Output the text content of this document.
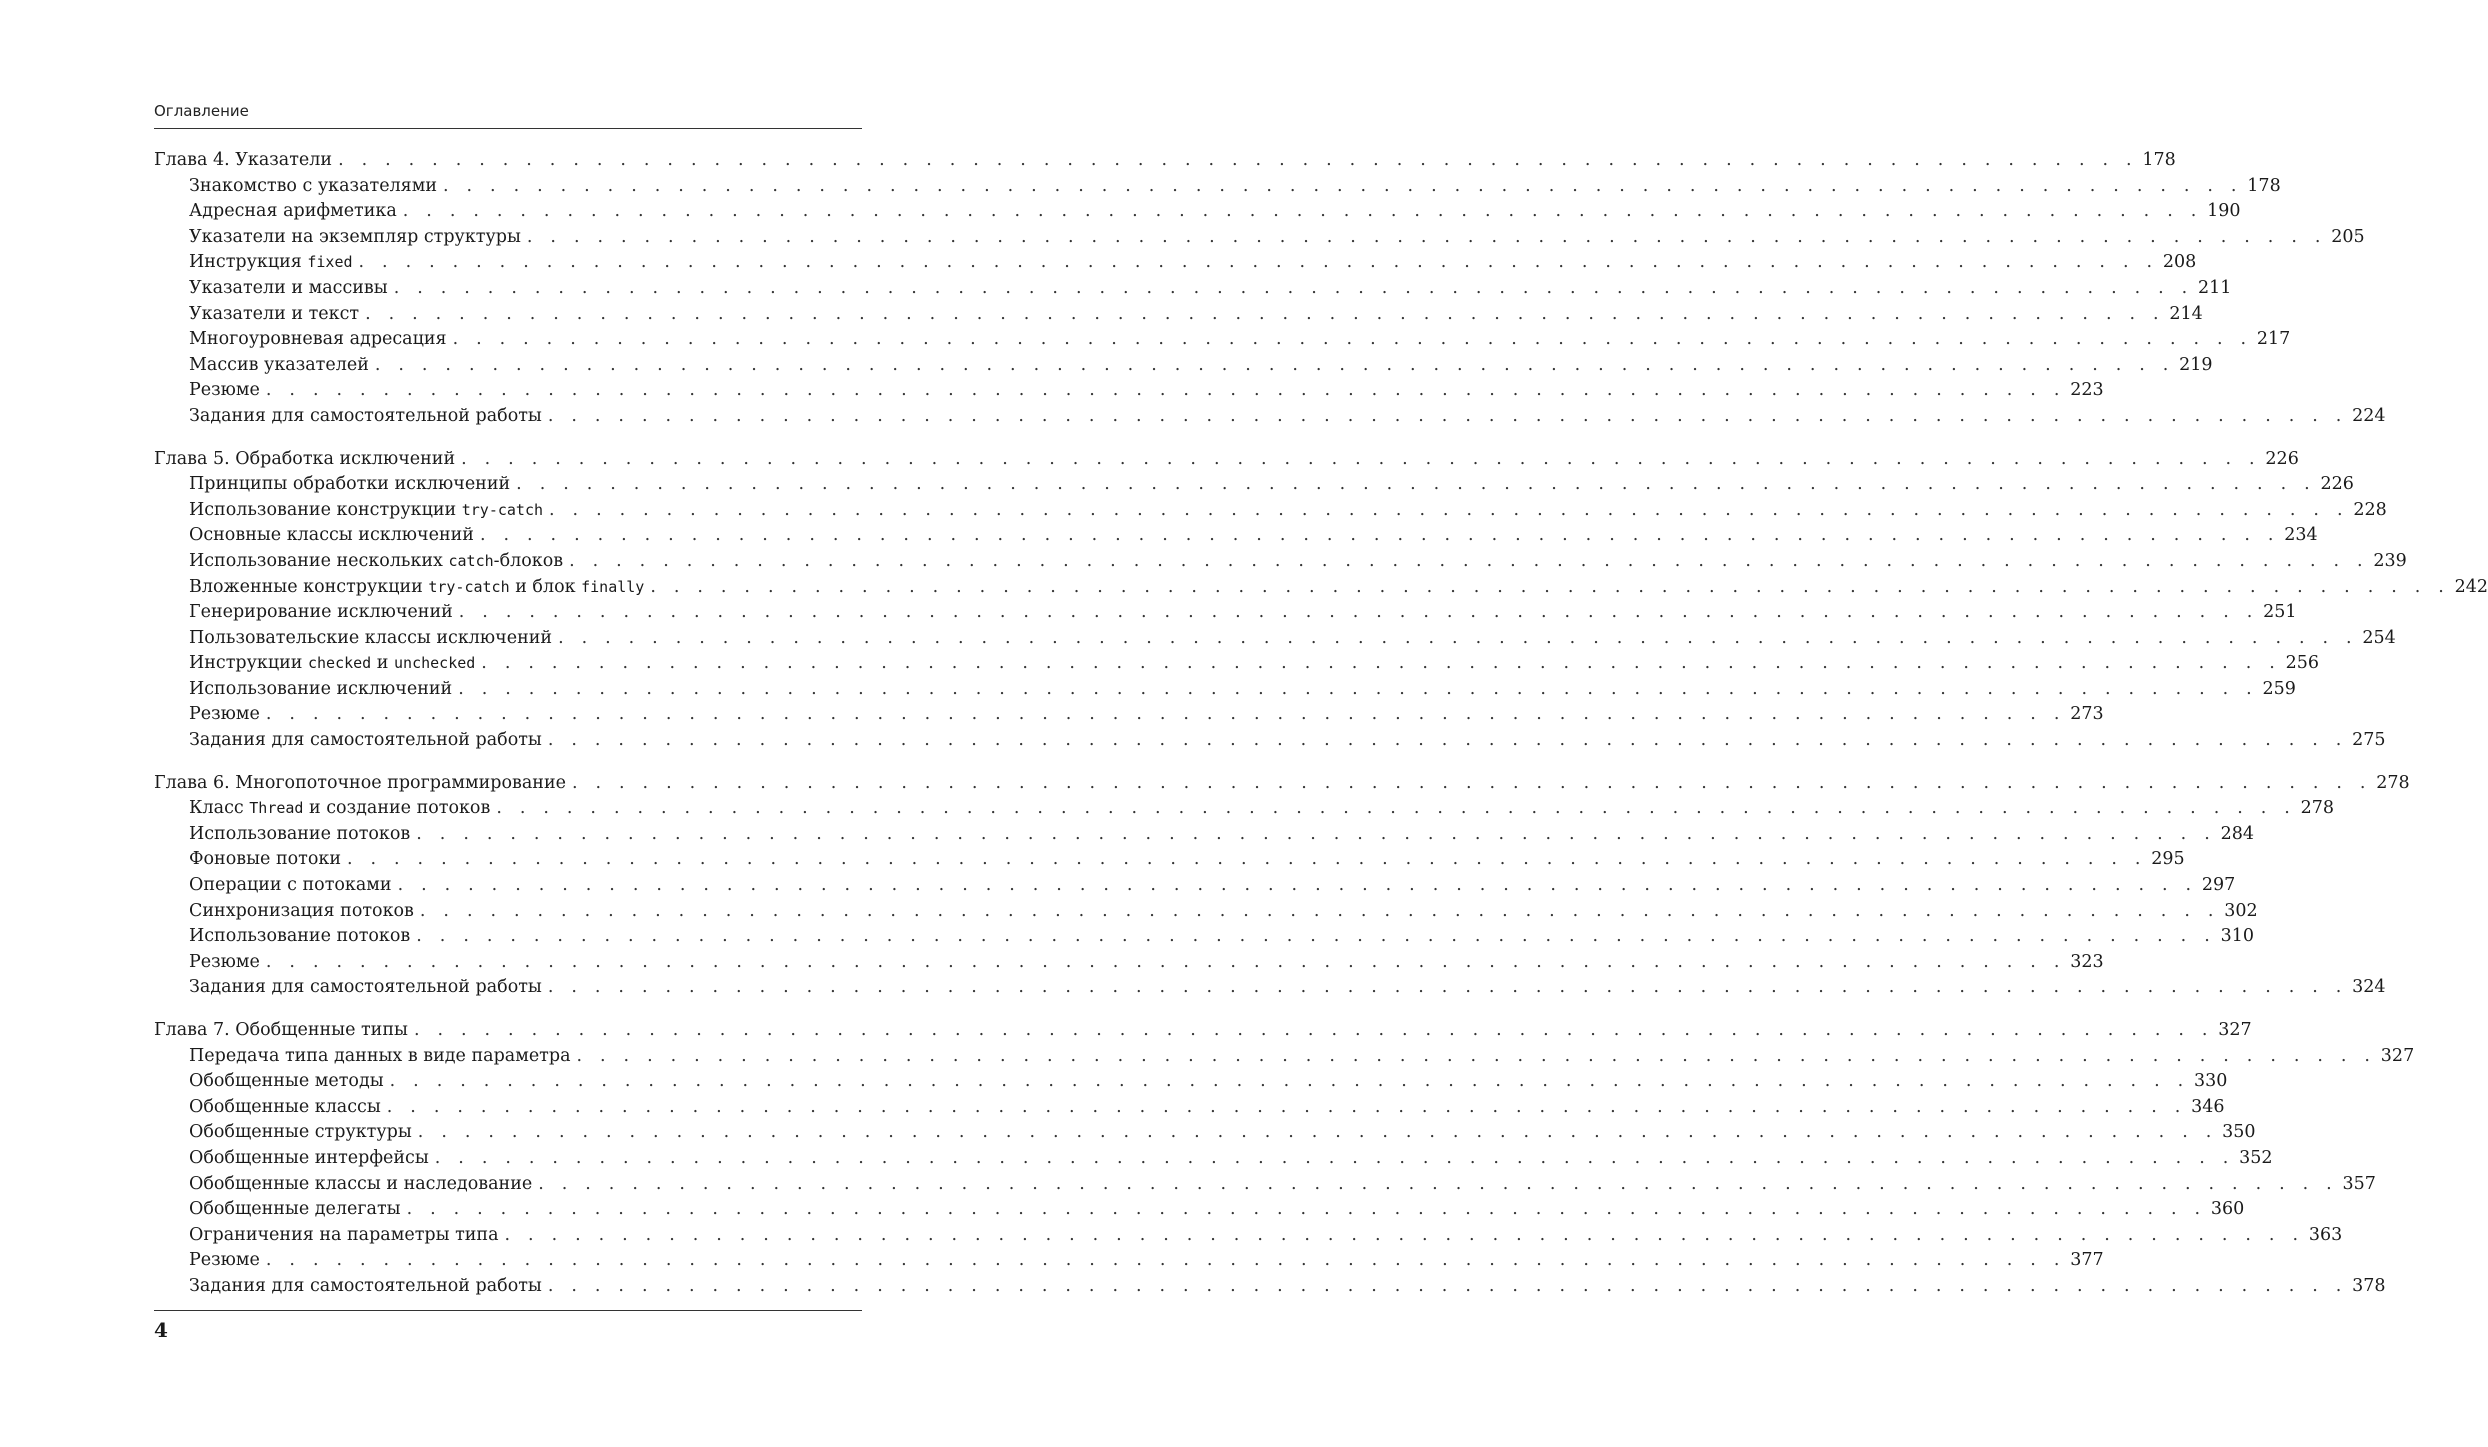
Оглавление
Глава 4. Указатели . . . . . . . . . . . . . . . . . . . . . . . . . . . . . . . . . . . . . . . . . . . . . . . . . . . . . . . . . . . . . . . . . . . . . . . . . . . . . 178
Знакомство с указателями . . . . . . . . . . . . . . . . . . . . . . . . . . . . . . . . . . . . . . . . . . . . . . . . . . . . . . . . . . . . . . . . . . . . . . . . . . . . . 178
Адресная арифметика . . . . . . . . . . . . . . . . . . . . . . . . . . . . . . . . . . . . . . . . . . . . . . . . . . . . . . . . . . . . . . . . . . . . . . . . . . . . . 190
Указатели на экземпляр структуры . . . . . . . . . . . . . . . . . . . . . . . . . . . . . . . . . . . . . . . . . . . . . . . . . . . . . . . . . . . . . . . . . . . . . . . . . . . . . 205
Инструкция fixed . . . . . . . . . . . . . . . . . . . . . . . . . . . . . . . . . . . . . . . . . . . . . . . . . . . . . . . . . . . . . . . . . . . . . . . . . . . . . 208
Указатели и массивы . . . . . . . . . . . . . . . . . . . . . . . . . . . . . . . . . . . . . . . . . . . . . . . . . . . . . . . . . . . . . . . . . . . . . . . . . . . . . 211
Указатели и текст . . . . . . . . . . . . . . . . . . . . . . . . . . . . . . . . . . . . . . . . . . . . . . . . . . . . . . . . . . . . . . . . . . . . . . . . . . . . . 214
Многоуровневая адресация . . . . . . . . . . . . . . . . . . . . . . . . . . . . . . . . . . . . . . . . . . . . . . . . . . . . . . . . . . . . . . . . . . . . . . . . . . . . . 217
Массив указателей . . . . . . . . . . . . . . . . . . . . . . . . . . . . . . . . . . . . . . . . . . . . . . . . . . . . . . . . . . . . . . . . . . . . . . . . . . . . . 219
Резюме . . . . . . . . . . . . . . . . . . . . . . . . . . . . . . . . . . . . . . . . . . . . . . . . . . . . . . . . . . . . . . . . . . . . . . . . . . . . . 223
Задания для самостоятельной работы . . . . . . . . . . . . . . . . . . . . . . . . . . . . . . . . . . . . . . . . . . . . . . . . . . . . . . . . . . . . . . . . . . . . . . . . . . . . . 224
Глава 5. Обработка исключений . . . . . . . . . . . . . . . . . . . . . . . . . . . . . . . . . . . . . . . . . . . . . . . . . . . . . . . . . . . . . . . . . . . . . . . . . . . . . 226
Принципы обработки исключений . . . . . . . . . . . . . . . . . . . . . . . . . . . . . . . . . . . . . . . . . . . . . . . . . . . . . . . . . . . . . . . . . . . . . . . . . . . . . 226
Использование конструкции try-catch . . . . . . . . . . . . . . . . . . . . . . . . . . . . . . . . . . . . . . . . . . . . . . . . . . . . . . . . . . . . . . . . . . . . . . . . . . . . . 228
Основные классы исключений . . . . . . . . . . . . . . . . . . . . . . . . . . . . . . . . . . . . . . . . . . . . . . . . . . . . . . . . . . . . . . . . . . . . . . . . . . . . . 234
Использование нескольких catch-блоков . . . . . . . . . . . . . . . . . . . . . . . . . . . . . . . . . . . . . . . . . . . . . . . . . . . . . . . . . . . . . . . . . . . . . . . . . . . . . 239
Вложенные конструкции try-catch и блок finally . . . . . . . . . . . . . . . . . . . . . . . . . . . . . . . . . . . . . . . . . . . . . . . . . . . . . . . . . . . . . . . . . . . . . . . . . . . . . 242
Генерирование исключений . . . . . . . . . . . . . . . . . . . . . . . . . . . . . . . . . . . . . . . . . . . . . . . . . . . . . . . . . . . . . . . . . . . . . . . . . . . . . 251
Пользовательские классы исключений . . . . . . . . . . . . . . . . . . . . . . . . . . . . . . . . . . . . . . . . . . . . . . . . . . . . . . . . . . . . . . . . . . . . . . . . . . . . . 254
Инструкции checked и unchecked . . . . . . . . . . . . . . . . . . . . . . . . . . . . . . . . . . . . . . . . . . . . . . . . . . . . . . . . . . . . . . . . . . . . . . . . . . . . . 256
Использование исключений . . . . . . . . . . . . . . . . . . . . . . . . . . . . . . . . . . . . . . . . . . . . . . . . . . . . . . . . . . . . . . . . . . . . . . . . . . . . . 259
Резюме . . . . . . . . . . . . . . . . . . . . . . . . . . . . . . . . . . . . . . . . . . . . . . . . . . . . . . . . . . . . . . . . . . . . . . . . . . . . . 273
Задания для самостоятельной работы . . . . . . . . . . . . . . . . . . . . . . . . . . . . . . . . . . . . . . . . . . . . . . . . . . . . . . . . . . . . . . . . . . . . . . . . . . . . . 275
Глава 6. Многопоточное программирование . . . . . . . . . . . . . . . . . . . . . . . . . . . . . . . . . . . . . . . . . . . . . . . . . . . . . . . . . . . . . . . . . . . . . . . . . . . . . 278
Класс Thread и создание потоков . . . . . . . . . . . . . . . . . . . . . . . . . . . . . . . . . . . . . . . . . . . . . . . . . . . . . . . . . . . . . . . . . . . . . . . . . . . . . 278
Использование потоков . . . . . . . . . . . . . . . . . . . . . . . . . . . . . . . . . . . . . . . . . . . . . . . . . . . . . . . . . . . . . . . . . . . . . . . . . . . . . 284
Фоновые потоки . . . . . . . . . . . . . . . . . . . . . . . . . . . . . . . . . . . . . . . . . . . . . . . . . . . . . . . . . . . . . . . . . . . . . . . . . . . . . 295
Операции с потоками . . . . . . . . . . . . . . . . . . . . . . . . . . . . . . . . . . . . . . . . . . . . . . . . . . . . . . . . . . . . . . . . . . . . . . . . . . . . . 297
Синхронизация потоков . . . . . . . . . . . . . . . . . . . . . . . . . . . . . . . . . . . . . . . . . . . . . . . . . . . . . . . . . . . . . . . . . . . . . . . . . . . . . 302
Использование потоков . . . . . . . . . . . . . . . . . . . . . . . . . . . . . . . . . . . . . . . . . . . . . . . . . . . . . . . . . . . . . . . . . . . . . . . . . . . . . 310
Резюме . . . . . . . . . . . . . . . . . . . . . . . . . . . . . . . . . . . . . . . . . . . . . . . . . . . . . . . . . . . . . . . . . . . . . . . . . . . . . 323
Задания для самостоятельной работы . . . . . . . . . . . . . . . . . . . . . . . . . . . . . . . . . . . . . . . . . . . . . . . . . . . . . . . . . . . . . . . . . . . . . . . . . . . . . 324
Глава 7. Обобщенные типы . . . . . . . . . . . . . . . . . . . . . . . . . . . . . . . . . . . . . . . . . . . . . . . . . . . . . . . . . . . . . . . . . . . . . . . . . . . . . 327
Передача типа данных в виде параметра . . . . . . . . . . . . . . . . . . . . . . . . . . . . . . . . . . . . . . . . . . . . . . . . . . . . . . . . . . . . . . . . . . . . . . . . . . . . . 327
Обобщенные методы . . . . . . . . . . . . . . . . . . . . . . . . . . . . . . . . . . . . . . . . . . . . . . . . . . . . . . . . . . . . . . . . . . . . . . . . . . . . . 330
Обобщенные классы . . . . . . . . . . . . . . . . . . . . . . . . . . . . . . . . . . . . . . . . . . . . . . . . . . . . . . . . . . . . . . . . . . . . . . . . . . . . . 346
Обобщенные структуры . . . . . . . . . . . . . . . . . . . . . . . . . . . . . . . . . . . . . . . . . . . . . . . . . . . . . . . . . . . . . . . . . . . . . . . . . . . . . 350
Обобщенные интерфейсы . . . . . . . . . . . . . . . . . . . . . . . . . . . . . . . . . . . . . . . . . . . . . . . . . . . . . . . . . . . . . . . . . . . . . . . . . . . . . 352
Обобщенные классы и наследование . . . . . . . . . . . . . . . . . . . . . . . . . . . . . . . . . . . . . . . . . . . . . . . . . . . . . . . . . . . . . . . . . . . . . . . . . . . . . 357
Обобщенные делегаты . . . . . . . . . . . . . . . . . . . . . . . . . . . . . . . . . . . . . . . . . . . . . . . . . . . . . . . . . . . . . . . . . . . . . . . . . . . . . 360
Ограничения на параметры типа . . . . . . . . . . . . . . . . . . . . . . . . . . . . . . . . . . . . . . . . . . . . . . . . . . . . . . . . . . . . . . . . . . . . . . . . . . . . . 363
Резюме . . . . . . . . . . . . . . . . . . . . . . . . . . . . . . . . . . . . . . . . . . . . . . . . . . . . . . . . . . . . . . . . . . . . . . . . . . . . . 377
Задания для самостоятельной работы . . . . . . . . . . . . . . . . . . . . . . . . . . . . . . . . . . . . . . . . . . . . . . . . . . . . . . . . . . . . . . . . . . . . . . . . . . . . . 378
4
